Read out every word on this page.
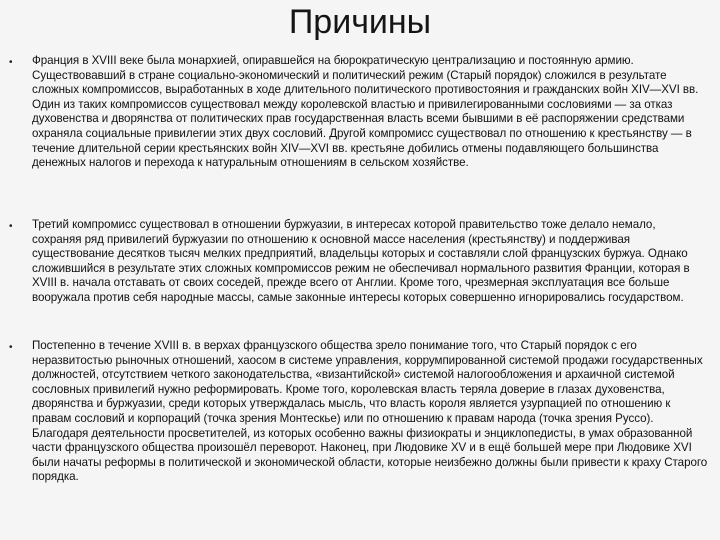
Причины
• Франция в XVIII веке была монархией, опиравшейся на бюрократическую централизацию и постоянную армию. Существовавший в стране социально-экономический и политический режим (Старый порядок) сложился в результате сложных компромиссов, выработанных в ходе длительного политического противостояния и гражданских войн XIV—XVI вв. Один из таких компромиссов существовал между королевской властью и привилегированными сословиями — за отказ духовенства и дворянства от политических прав государственная власть всеми бывшими в её распоряжении средствами охраняла социальные привилегии этих двух сословий. Другой компромисс существовал по отношению к крестьянству — в течение длительной серии крестьянских войн XIV—XVI вв. крестьяне добились отмены подавляющего большинства денежных налогов и перехода к натуральным отношениям в сельском хозяйстве.
• Третий компромисс существовал в отношении буржуазии, в интересах которой правительство тоже делало немало, сохраняя ряд привилегий буржуазии по отношению к основной массе населения (крестьянству) и поддерживая существование десятков тысяч мелких предприятий, владельцы которых и составляли слой французских буржуа. Однако сложившийся в результате этих сложных компромиссов режим не обеспечивал нормального развития Франции, которая в XVIII в. начала отставать от своих соседей, прежде всего от Англии. Кроме того, чрезмерная эксплуатация все больше вооружала против себя народные массы, самые законные интересы которых совершенно игнорировались государством.
• Постепенно в течение XVIII в. в верхах французского общества зрело понимание того, что Старый порядок с его неразвитостью рыночных отношений, хаосом в системе управления, коррумпированной системой продажи государственных должностей, отсутствием четкого законодательства, «византийской» системой налогообложения и архаичной системой сословных привилегий нужно реформировать. Кроме того, королевская власть теряла доверие в глазах духовенства, дворянства и буржуазии, среди которых утверждалась мысль, что власть короля является узурпацией по отношению к правам сословий и корпораций (точка зрения Монтескье) или по отношению к правам народа (точка зрения Руссо). Благодаря деятельности просветителей, из которых особенно важны физиократы и энциклопедисты, в умах образованной части французского общества произошёл переворот. Наконец, при Людовике XV и в ещё большей мере при Людовике XVI были начаты реформы в политической и экономической области, которые неизбежно должны были привести к краху Старого порядка.
